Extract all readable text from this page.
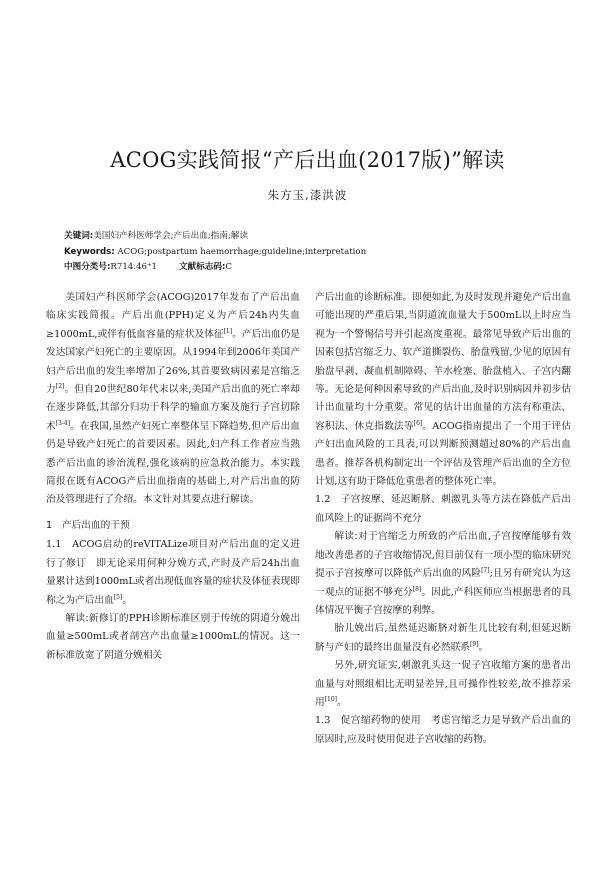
ACOG实践简报“产后出血(2017版)”解读
朱方玉,漆洪波
关键词:美国妇产科医师学会;产后出血;指南;解读
Keywords: ACOG;postpartum haemorrhage;guideline;interpretation
中图分类号:R714.46⁺1	文献标志码:C

美国妇产科医师学会(ACOG)2017年发布了产后出血临床实践简报。产后出血(PPH)定义为产后24h内失血≥1000mL,或伴有低血容量的症状及体征[1]。产后出血仍是发达国家产妇死亡的主要原因。从1994年到2006年美国产妇产后出血的发生率增加了26%,其首要致病因素是宫缩乏力[2]。但自20世纪80年代末以来,美国产后出血的死亡率却在逐步降低,其部分归功于科学的输血方案及施行子宫切除术[3-4]。在我国,虽然产妇死亡率整体呈下降趋势,但产后出血仍是导致产妇死亡的首要因素。因此,妇产科工作者应当熟悉产后出血的诊治流程,强化该病的应急救治能力。本实践简报在既有ACOG产后出血指南的基础上,对产后出血的防治及管理进行了介绍。本文针对其要点进行解读。

1　产后出血的干预

1.1　ACOG启动的reVITALize项目对产后出血的定义进行了修订　即无论采用何种分娩方式,产时及产后24h出血量累计达到1000mL或者出现低血容量的症状及体征表现即称之为产后出血[5]。

解读:新修订的PPH诊断标准区别于传统的阴道分娩出血量≥500mL或者剖宫产出血量≥1000mL的情况。这一新标准放宽了阴道分娩相关

产后出血的诊断标准。即便如此,为及时发现并避免产后出血可能出现的严重后果,当阴道流血量大于500mL以上时应当视为一个警惕信号并引起高度重视。最常见导致产后出血的因素包括宫缩乏力、软产道撕裂伤、胎盘残留,少见的原因有胎盘早剥、凝血机制障碍、羊水栓塞、胎盘植入、子宫内翻等。无论是何种因素导致的产后出血,及时识别病因并初步估计出血量均十分重要。常见的估计出血量的方法有称重法、容积法、休克指数法等[6]。ACOG指南提出了一个用于评估产妇出血风险的工具表,可以判断预测超过80%的产后出血患者。推荐各机构制定出一个评估及管理产后出血的全方位计划,这有助于降低危重患者的整体死亡率。

1.2　子宫按摩、延迟断脐、刺激乳头等方法在降低产后出血风险上的证据尚不充分

解读:对于宫缩乏力所致的产后出血,子宫按摩能够有效地改善患者的子宫收缩情况,但目前仅有一项小型的临床研究提示子宫按摩可以降低产后出血的风险[7];且另有研究认为这一观点的证据不够充分[8]。因此,产科医师应当根据患者的具体情况平衡子宫按摩的利弊。

胎儿娩出后,虽然延迟断脐对新生儿比较有利,但延迟断脐与产妇的最终出血量没有必然联系[9]。

另外,研究证实,刺激乳头这一促子宫收缩方案的患者出血量与对照组相比无明显差异,且可操作性较差,故不推荐采用[10]。

1.3　促宫缩药物的使用　考虑宫缩乏力是导致产后出血的原因时,应及时使用促进子宫收缩的药物。
